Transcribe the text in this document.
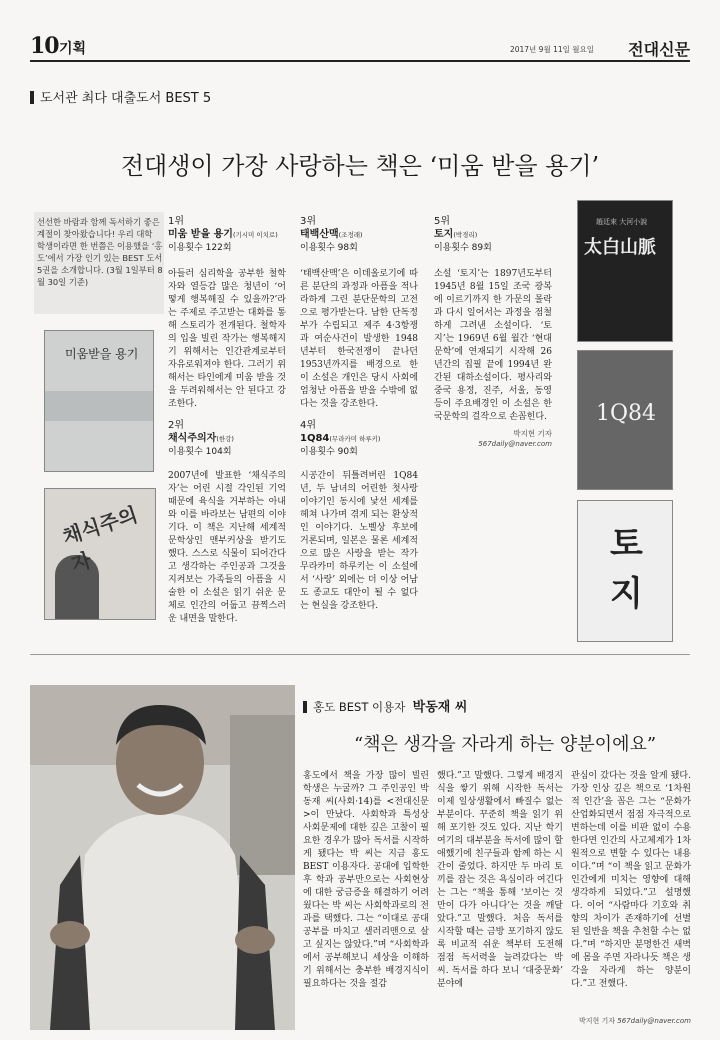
10 기획	2017년 9월 11일 월요일 전대신문
도서관 최다 대출도서 BEST 5
전대생이 가장 사랑하는 책은 ‘미움 받을 용기’
선선한 바람과 함께 독서하기 좋은 계절이 찾아왔습니다! 우리 대학 학생이라면 한 번쯤은 이용했을 ‘홍도’에서 가장 인기 있는 BEST 도서 5권을 소개합니다. (3월 1일부터 8월 30일 기준)
미움받을 용기
채식주의자
趙廷來 大河小說
太白山脈
1Q84
토지
1위
미움 받을 용기(기시미 이치로)
이용횟수 122회
아들러 심리학을 공부한 철학자와 열등감 많은 청년이 ‘어떻게 행복해질 수 있을까?’라는 주제로 주고받는 대화를 통해 스토리가 전개된다. 철학자의 입을 빌린 작가는 행복해지기 위해서는 인간관계로부터 자유로워져야 한다. 그러기 위해서는 타인에게 미움 받을 것을 두려워해서는 안 된다고 강조한다.
2위
채식주의자(한강)
이용횟수 104회
2007년에 발표한 ‘채식주의자’는 어린 시절 각인된 기억 때문에 육식을 거부하는 아내와 이를 바라보는 남편의 이야기다. 이 책은 지난해 세계적 문학상인 맨부커상을 받기도 했다. 스스로 식물이 되어간다고 생각하는 주인공과 그것을 지켜보는 가족들의 아픔을 시술한 이 소설은 읽기 쉬운 문체로 인간의 어둡고 끔찍스러운 내면을 말한다.
3위
태백산맥(조정래)
이용횟수 98회
‘태백산맥’은 이데올로기에 따른 분단의 과정과 아픔을 적나라하게 그린 분단문학의 고전으로 평가받는다. 남한 단독정부가 수립되고 제주 4·3항쟁과 여순사건이 발생한 1948년부터 한국전쟁이 끝나던 1953년까지를 배경으로 한 이 소설은 개인은 당시 사회에 엄청난 아픔을 받을 수밖에 없다는 것을 강조한다.
4위
1Q84(무라카미 하루키)
이용횟수 90회
시공간이 뒤틀려버린 1Q84년, 두 남녀의 어린한 첫사랑 이야기인 동시에 낯선 세계를 헤쳐 나가며 겪게 되는 환상적인 이야기다. 노벨상 후보에 거론되며, 일본은 물론 세계적으로 많은 사랑을 받는 작가 무라카미 하루키는 이 소설에서 ‘사랑’ 외에는 더 이상 어남도 종교도 대안이 될 수 없다는 현실을 강조한다.
5위
토지(박경리)
이용횟수 89회
소설 ‘토지’는 1897년도부터 1945년 8월 15일 조국 광복에 이르기까지 한 가문의 몰락과 다시 일어서는 과정을 점철하게 그려낸 소설이다. ‘토지’는 1969년 6월 월간 ‘현대문학’에 연재되기 시작해 26년간의 집필 끝에 1994년 완간된 대하소설이다. 평사리와 중국 용정, 진주, 서울, 동영 등이 주요배경인 이 소설은 한국문학의 걸작으로 손꼽힌다.
박지현 기자
567daily@naver.com
홍도 BEST 이용자 박동재 씨
“책은 생각을 자라게 하는 양분이에요”
홍도에서 책을 가장 많이 빌린 학생은 누굴까? 그 주인공인 박동재 씨(사회·14)를 <전대신문>이 만났다. 사회학과 특성상 사회문제에 대한 깊은 고찰이 필요한 경우가 많아 독서를 시작하게 됐다는 박 씨는 지금 홍도 BEST 이용자다. 공대에 입학한 후 학과 공부만으로는 사회현상에 대한 궁금증을 해결하기 어려웠다는 박 씨는 사회학과로의 전과를 택했다. 그는 “이대로 공대 공부를 마치고 샐러리맨으로 살고 싶지는 않았다.”며 “사회학과에서 공부해보니 세상을 이해하기 위해서는 충부한 배경지식이 필요하다는 것을 절감
했다.”고 말했다. 그렇게 배경지식을 쌓기 위해 시작한 독서는 이제 일상생활에서 빠질수 없는 부분이다. 꾸준히 책을 읽기 위해 포기한 것도 있다. 지난 학기 여기의 대부분을 독서에 많이 할애했기에 친구들과 함께 하는 시간이 줄었다. 하지만 두 마리 토끼를 잡는 것은 욕심이라 여긴다는 그는 “책을 통해 ‘보이는 것만이 다가 아니다’는 것을 깨달았다.”고 말했다. 처음 독서를 시작할 때는 금방 포기하지 않도록 비교적 쉬운 책부터 도전해 점점 독서력을 늘려갔다는 박 씨. 독서를 하다 보니 ‘대중문화’ 분야에
관심이 갔다는 것을 알게 됐다. 가장 인상 깊은 책으로 ‘1차원적 인간’을 꼽은 그는 “문화가 산업화되면서 점점 자극적으로 변하는데 이를 비판 없이 수용한다면 인간의 사고체계가 1차원적으로 변할 수 있다는 내용이다.”며 “이 책을 읽고 문화가 인간에게 미치는 영향에 대해 생각하게 되었다.”고 설명했다. 이어 “사람마다 기호와 취향의 차이가 존재하기에 선별된 일반을 책을 추천할 수는 없다.”며 “하지만 분명한건 새벽에 몸을 주면 자라나듯 책은 생각을 자라게 하는 양분이다.”고 전했다.
박지현 기자 567daily@naver.com
